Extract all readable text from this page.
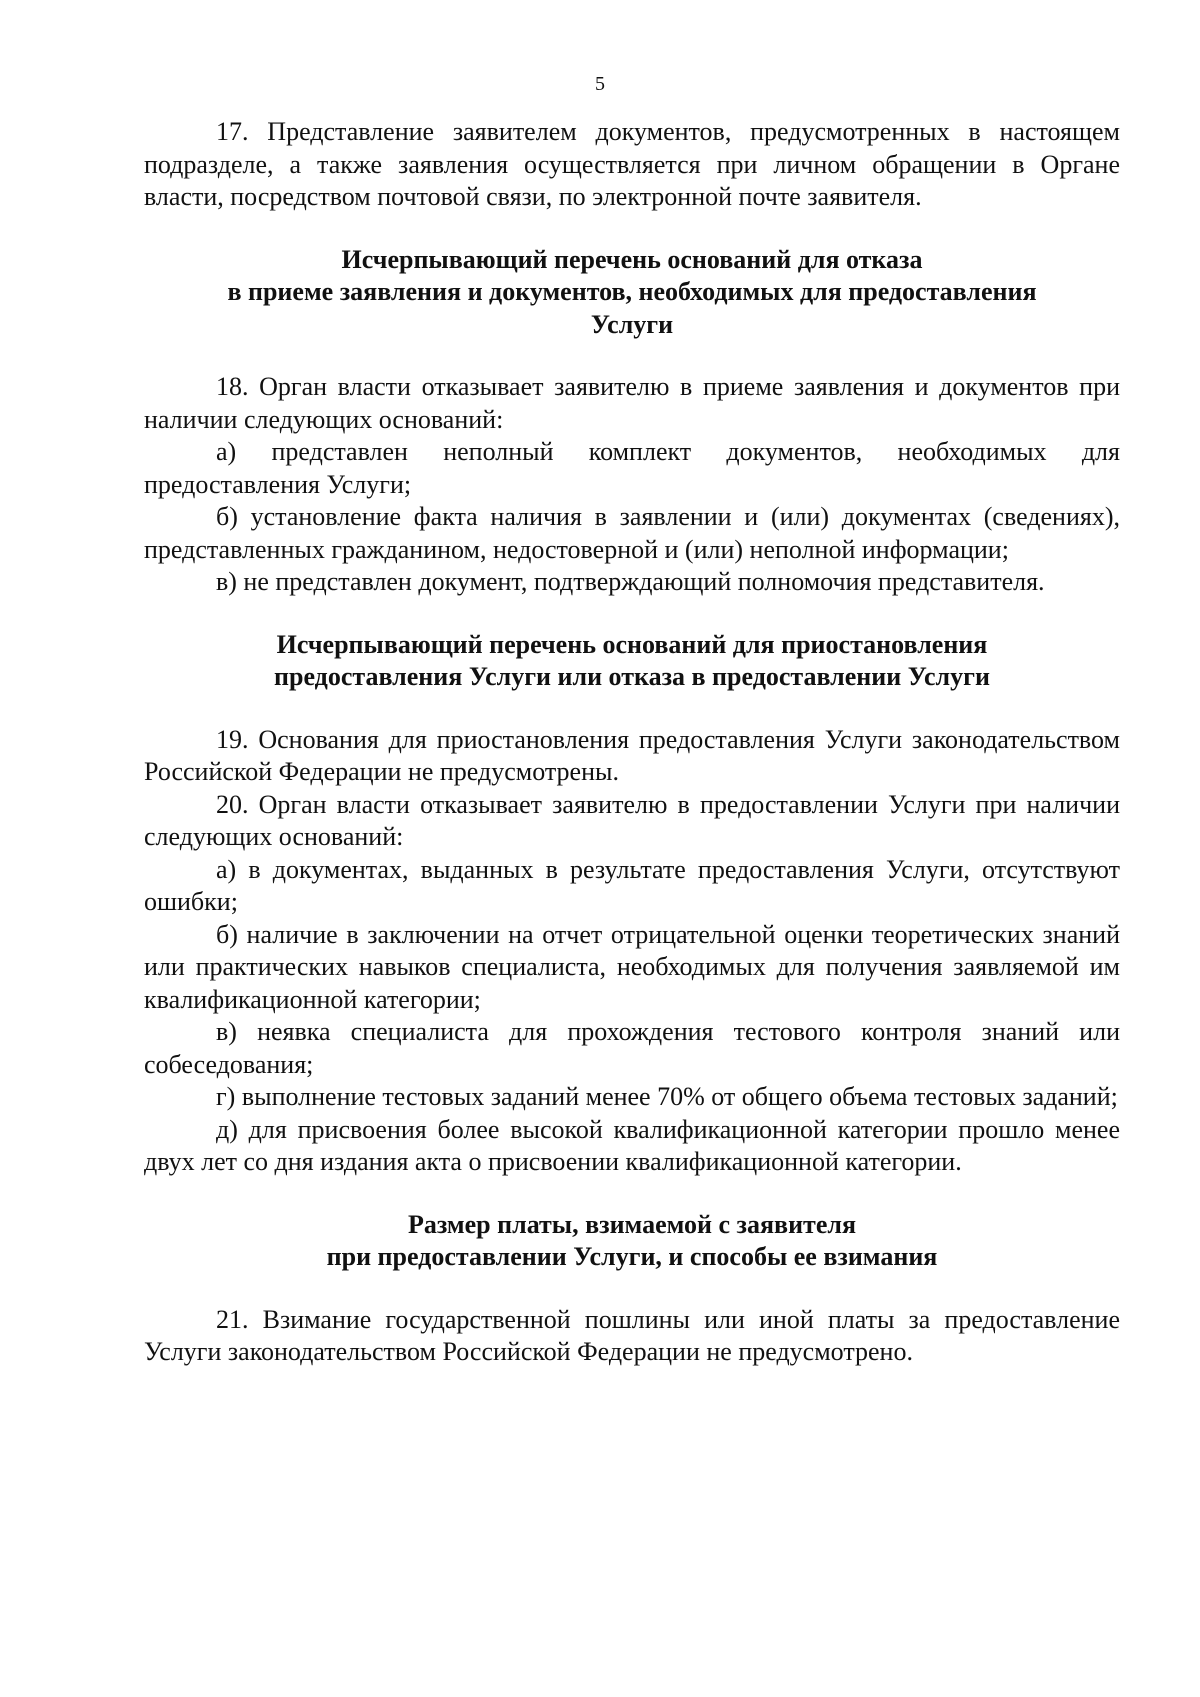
5

17. Представление заявителем документов, предусмотренных в настоящем подразделе, а также заявления осуществляется при личном обращении в Органе власти, посредством почтовой связи, по электронной почте заявителя.

Исчерпывающий перечень оснований для отказа
в приеме заявления и документов, необходимых для предоставления
Услуги

18. Орган власти отказывает заявителю в приеме заявления и документов при наличии следующих оснований:

а) представлен неполный комплект документов, необходимых для предоставления Услуги;

б) установление факта наличия в заявлении и (или) документах (сведениях), представленных гражданином, недостоверной и (или) неполной информации;

в) не представлен документ, подтверждающий полномочия представителя.

Исчерпывающий перечень оснований для приостановления
предоставления Услуги или отказа в предоставлении Услуги

19. Основания для приостановления предоставления Услуги законодательством Российской Федерации не предусмотрены.

20. Орган власти отказывает заявителю в предоставлении Услуги при наличии следующих оснований:

а) в документах, выданных в результате предоставления Услуги, отсутствуют ошибки;

б) наличие в заключении на отчет отрицательной оценки теоретических знаний или практических навыков специалиста, необходимых для получения заявляемой им квалификационной категории;

в) неявка специалиста для прохождения тестового контроля знаний или собеседования;

г) выполнение тестовых заданий менее 70% от общего объема тестовых заданий;

д) для присвоения более высокой квалификационной категории прошло менее двух лет со дня издания акта о присвоении квалификационной категории.

Размер платы, взимаемой с заявителя
при предоставлении Услуги, и способы ее взимания

21. Взимание государственной пошлины или иной платы за предоставление Услуги законодательством Российской Федерации не предусмотрено.
